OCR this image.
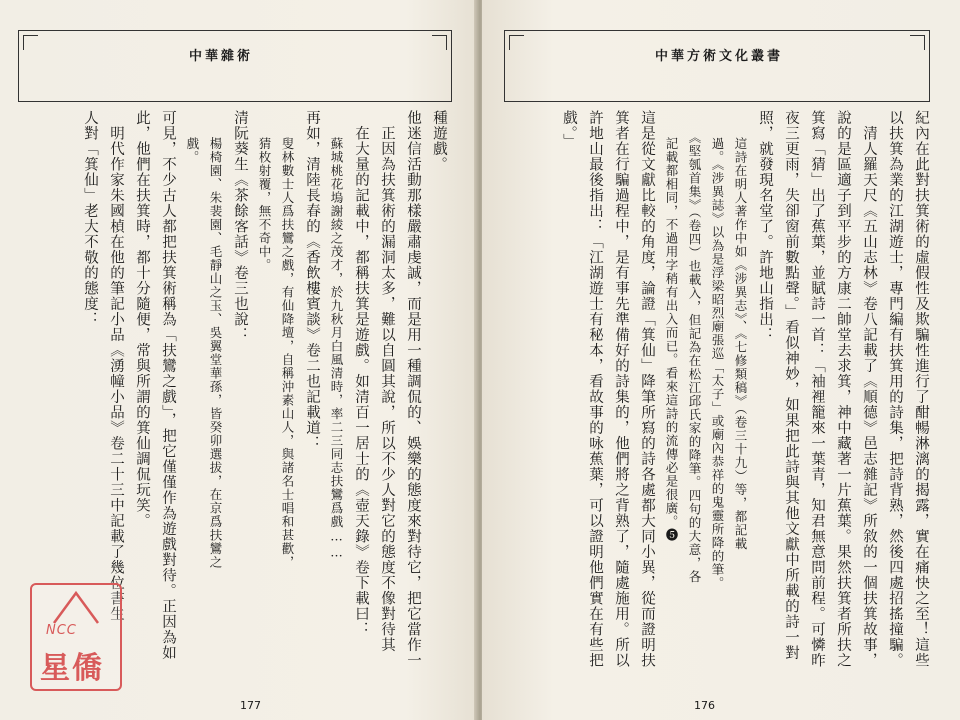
中華雜術
種遊戲。
他迷信活動那樣嚴肅虔誠，而是用一種調侃的、娛樂的態度來對待它，把它當作一
　正因為扶箕術的漏洞太多，難以自圓其說，所以不少人對它的態度不像對待其
　在大量的記載中，都稱扶箕是遊戲。如清百一居士的《壺天錄》卷下載曰：
　　蘇城桃花塢謝綾之茂才，於九秋月白風清時，率二三同志扶鸞爲戲……
再如，清陸長春的《香飲樓賓談》卷二也記載道：
　　叟林數士人爲扶鸞之戲，有仙降壇，自稱沖素山人，與諸名士唱和甚歡，
　　猜枚射覆，無不奇中。
清阮葵生《茶餘客話》卷三也說：
　　楊椅園、朱裴園、毛靜山之玉、吳翼堂華孫，皆癸卯選拔，在京爲扶鸞之
　　戲。
可見，不少古人都把扶箕術稱為「扶鸞之戲」，把它僅僅作為遊戲對待。正因為如
此，他們在扶箕時，都十分隨便，常與所謂的箕仙調侃玩笑。
　明代作家朱國楨在他的筆記小品《湧幢小品》卷二十三中記載了幾位書生
人對「箕仙」老大不敬的態度：
177
NCC
星僑
中華方術文化叢書
紀內在此對扶箕術的虛假性及欺騙性進行了酣暢淋漓的揭露，實在痛快之至！這些
以扶箕為業的江湖遊士，專門編有扶箕用的詩集，把詩背熟，然後四處招搖撞騙。
　清人羅天尺《五山志林》卷八記載了《順德》邑志雜記》所敘的一個扶箕故事，
說的是區適子到平步的方康二帥堂去求箕，神中藏著一片蕉葉。果然扶箕者所扶之
箕寫「猜」出了蕉葉，並賦詩一首：「袖裡籠來一葉青，知君無意問前程。可憐昨
夜三更雨，失卻窗前數點聲。」看似神妙，如果把此詩與其他文獻中所載的詩一對
照，就發現名堂了。許地山指出：
　　這詩在明人著作中如《涉異志》、《七修類稿》（卷三十九）等，都記載
　　過。《涉異誌》以為是浮梁昭烈廟張巡「太子」或廟內恭祥的鬼靈所降的筆。
　　《堅瓠首集》（卷四）也載入，但記為在松江邱氏家的降筆。四句的大意，各
　　記載都相同，不過用字稍有出入而已。看來這詩的流傳必是很廣。❺
這是從文獻比較的角度，論證「箕仙」降筆所寫的詩各處都大同小異，從而證明扶
箕者在行騙過程中，是有事先準備好的詩集的，他們將之背熟了，隨處施用。所以
許地山最後指出：「江湖遊士有秘本，看故事的咏蕉葉，可以證明他們實在有些把
戲。」
176
